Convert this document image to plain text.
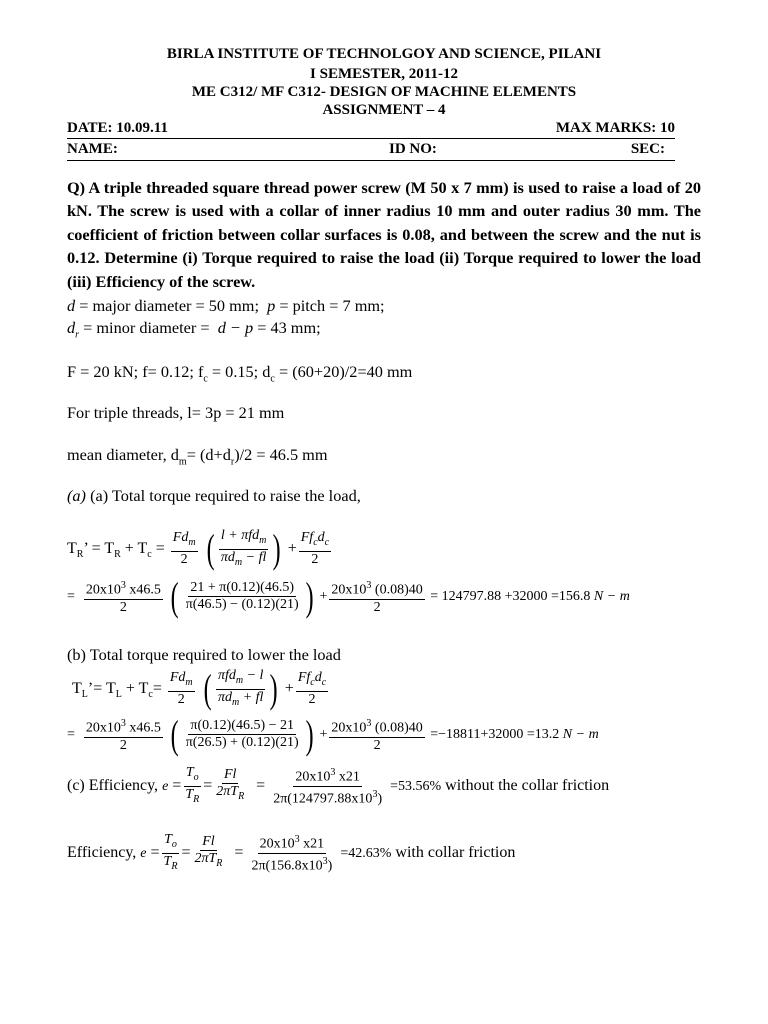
BIRLA INSTITUTE OF TECHNOLGOY AND SCIENCE, PILANI
I SEMESTER, 2011-12
ME C312/ MF C312- DESIGN OF MACHINE ELEMENTS
ASSIGNMENT – 4
DATE: 10.09.11	MAX MARKS: 10
NAME:	ID NO:	SEC:
Q) A triple threaded square thread power screw (M 50 x 7 mm) is used to raise a load of 20 kN. The screw is used with a collar of inner radius 10 mm and outer radius 30 mm. The coefficient of friction between collar surfaces is 0.08, and between the screw and the nut is 0.12. Determine (i) Torque required to raise the load (ii) Torque required to lower the load (iii) Efficiency of the screw.
d = major diameter = 50 mm; p = pitch = 7 mm;
$d_r$ = minor diameter = d − p = 43 mm;
F = 20 kN; f= 0.12; $f_c = 0.15$; $d_c = (60+20)/2=40$ mm
For triple threads, l= 3p = 21 mm
mean diameter, $d_m= (d+d_r)/2 = 46.5$ mm
(a) (a) Total torque required to raise the load,
$T_R$’ = $T_R + T_c = \frac{Fd_m}{2}$
( $\frac{l + \pi fd_m}{\pi d_m - fl}$ ) + $\frac{Ff_cd_c}{2}$
= $\frac{20x10^3 x46.5}{2}$
( $\frac{21 + \pi(0.12)(46.5)}{\pi(46.5) - (0.12)(21)}$ ) + $\frac{20x10^3 (0.08)40}{2} = 124797.88 +32000 =156.8$ N − m
(b) Total torque required to lower the load
$T_L’= T_L + T_c= \frac{Fd_m}{2}$
( $\frac{\pi fd_m - l}{\pi d_m + fl}$ ) + $\frac{Ff_cd_c}{2}$
= $\frac{20x10^3 x46.5}{2}$
( $\frac{\pi(0.12)(46.5) - 21}{\pi(26.5) + (0.12)(21)}$ ) + $\frac{20x10^3 (0.08)40}{2} =-18811+32000 =13.2$ N − m
(c) Efficiency, $e = \frac{T_o}{T_R} = \frac{Fl}{2\pi T_R} = \frac{20x10^3 x21}{2\pi(124797.88x10^3)} =53.56\%$ without the collar friction
Efficiency, $e = \frac{T_o}{T_R} = \frac{Fl}{2\pi T_R} = \frac{20x10^3 x21}{2\pi(156.8x10^3)} =42.63\%$ with collar friction
